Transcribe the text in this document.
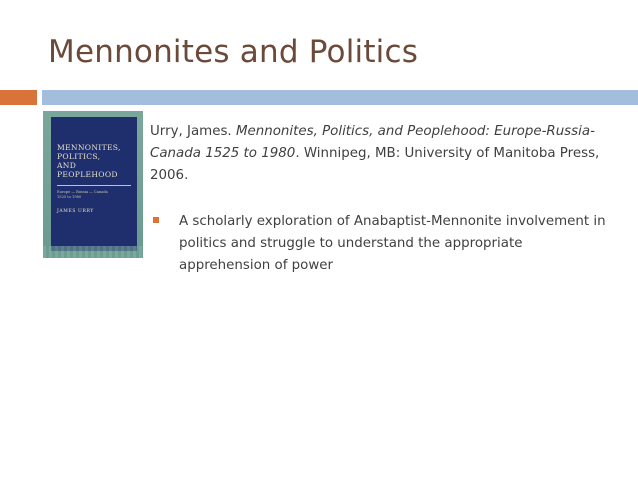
Mennonites and Politics
MENNONITES,
POLITICS,
AND PEOPLEHOOD
Europe — Russia — Canada
1525 to 1980
JAMES URRY
Urry, James. Mennonites, Politics, and Peoplehood: Europe-Russia-Canada 1525 to 1980. Winnipeg, MB: University of Manitoba Press, 2006.
A scholarly exploration of Anabaptist-Mennonite involvement in politics and struggle to understand the appropriate apprehension of power
